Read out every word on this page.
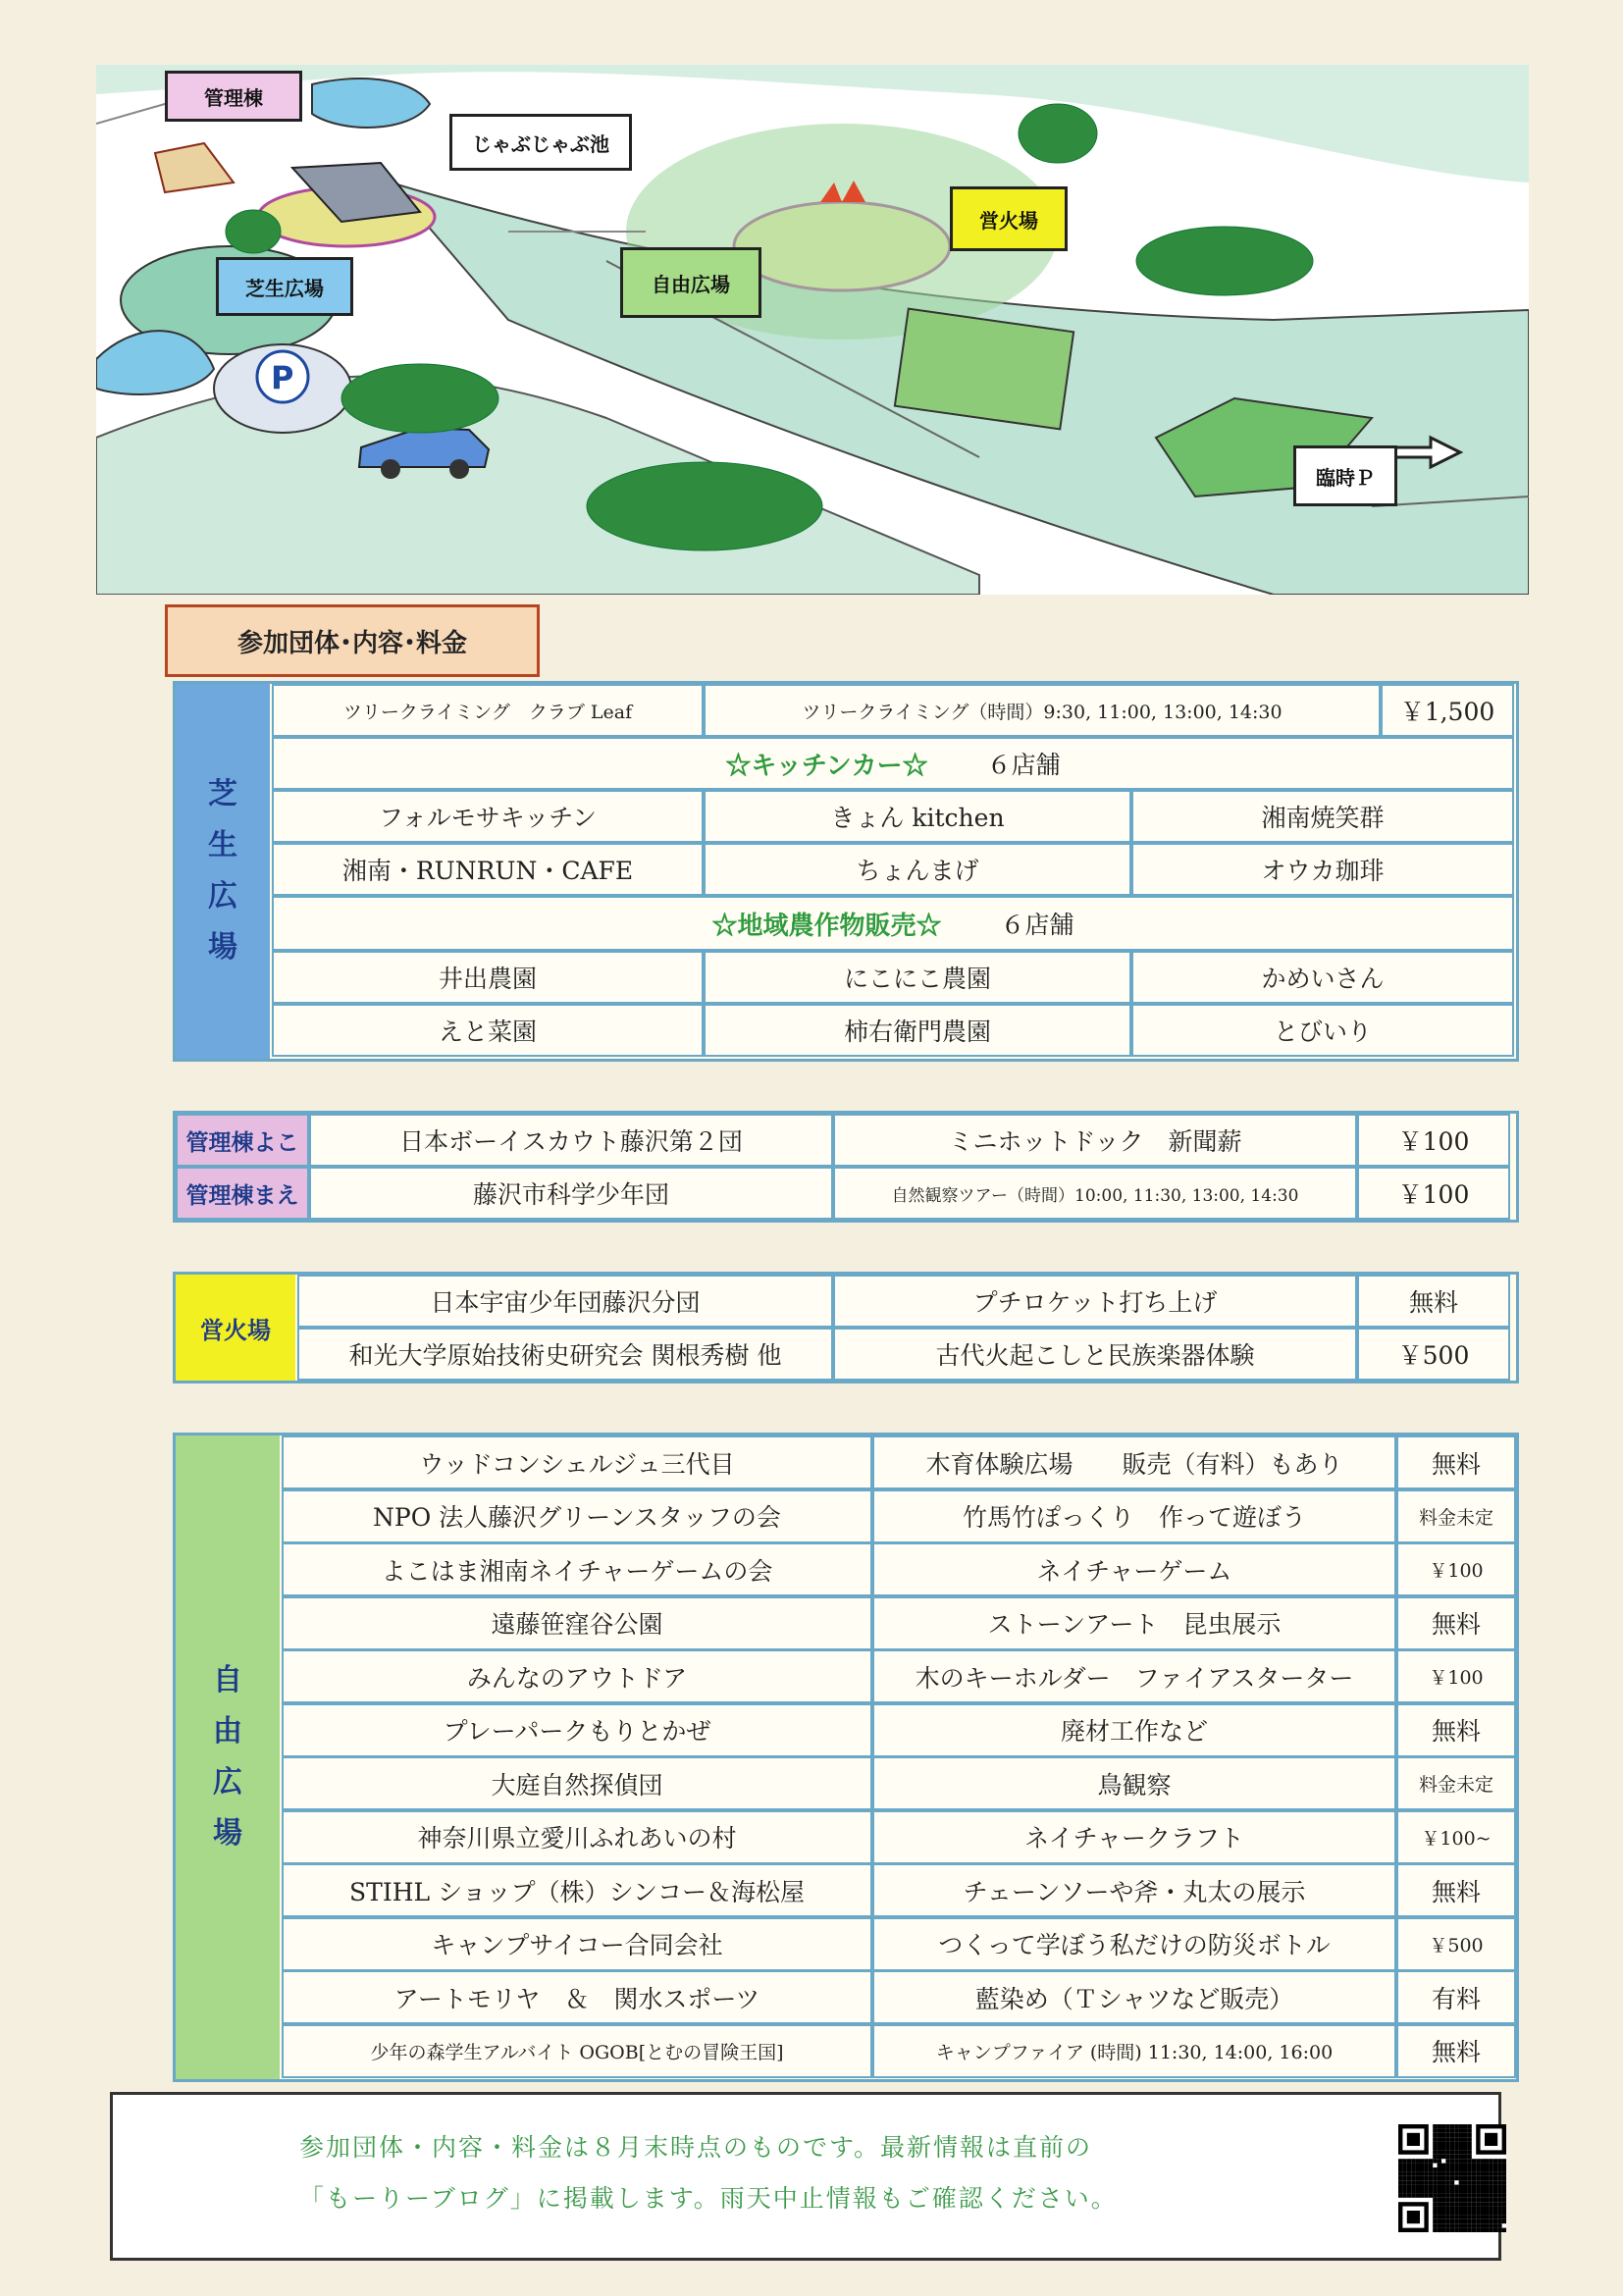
P
管理棟
じゃぶじゃぶ池
営火場
芝生広場	自由広場
臨時Ｐ
参加団体･内容･料金
芝
生
広
場
ツリークライミング　クラブ Leaf	ツリークライミング（時間）9:30, 11:00, 13:00, 14:30	￥1,500
☆キッチンカー☆ ６店舗
フォルモサキッチン	きょん kitchen	湘南焼笑群
湘南・RUNRUN・CAFE	ちょんまげ	オウカ珈琲
☆地域農作物販売☆ ６店舗
井出農園	にこにこ農園	かめいさん
えと菜園	柿右衛門農園	とびいり
管理棟よこ	日本ボーイスカウト藤沢第２団	ミニホットドック　新聞薪	￥100
管理棟まえ	藤沢市科学少年団	自然観察ツアー（時間）10:00, 11:30, 13:00, 14:30	￥100
営火場
日本宇宙少年団藤沢分団	プチロケット打ち上げ	無料
和光大学原始技術史研究会 関根秀樹 他	古代火起こしと民族楽器体験	￥500
自
由
広
場
ウッドコンシェルジュ三代目	木育体験広場　　販売（有料）もあり	無料
NPO 法人藤沢グリーンスタッフの会	竹馬竹ぽっくり　作って遊ぼう	料金未定
よこはま湘南ネイチャーゲームの会	ネイチャーゲーム	￥100
遠藤笹窪谷公園	ストーンアート　昆虫展示	無料
みんなのアウトドア	木のキーホルダー　ファイアスターター	￥100
プレーパークもりとかぜ	廃材工作など	無料
大庭自然探偵団	鳥観察	料金未定
神奈川県立愛川ふれあいの村	ネイチャークラフト	￥100~
STIHL ショップ（株）シンコー＆海松屋	チェーンソーや斧・丸太の展示	無料
キャンプサイコー合同会社	つくって学ぼう私だけの防災ボトル	￥500
アートモリヤ　＆　関水スポーツ	藍染め（Ｔシャツなど販売）	有料
少年の森学生アルバイト OGOB[とむの冒険王国]	キャンプファイア (時間) 11:30, 14:00, 16:00	無料

参加団体・内容・料金は８月末時点のものです。最新情報は直前の

「もーりーブログ」に掲載します。雨天中止情報もご確認ください。
